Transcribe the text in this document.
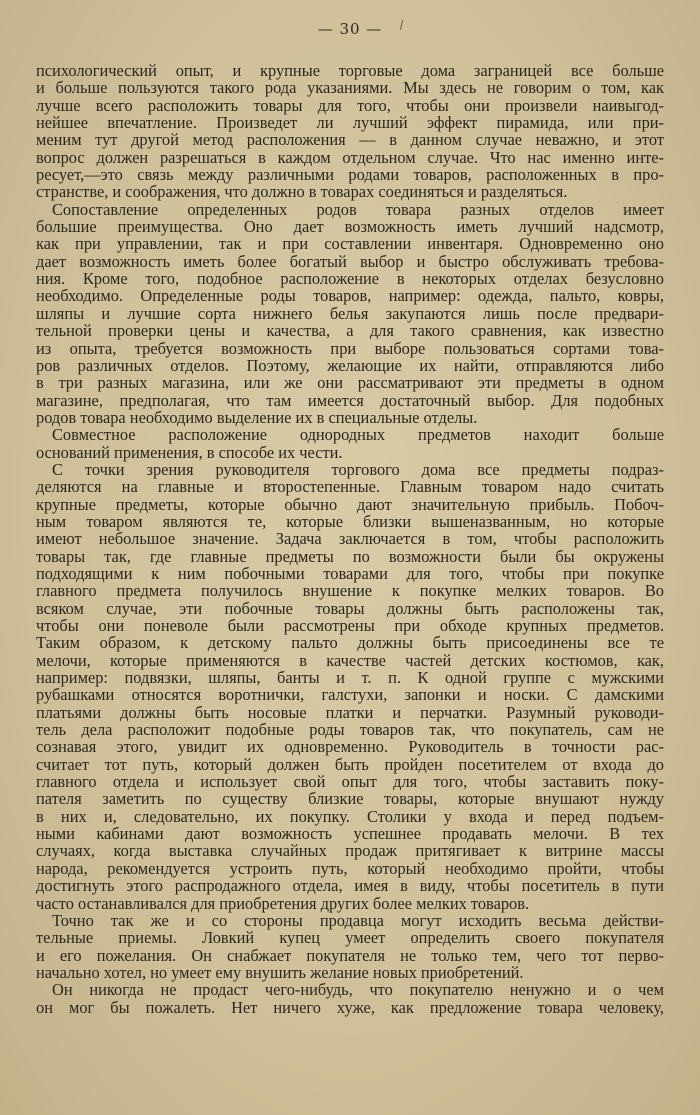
— 30 —
психологический опыт, и крупные торговые дома заграницей все больше
и больше пользуются такого рода указаниями. Мы здесь не говорим о том, как
лучше всего расположить товары для того, чтобы они произвели наивыгод-
нейшее впечатление. Произведет ли лучший эффект пирамида, или при-
меним тут другой метод расположения — в данном случае неважно, и этот
вопрос должен разрешаться в каждом отдельном случае. Что нас именно инте-
ресует,—это связь между различными родами товаров, расположенных в про-
странстве, и соображения, что должно в товарах соединяться и разделяться.
Сопоставление определенных родов товара разных отделов имеет
большие преимущества. Оно дает возможность иметь лучший надсмотр,
как при управлении, так и при составлении инвентаря. Одновременно оно
дает возможность иметь более богатый выбор и быстро обслуживать требова-
ния. Кроме того, подобное расположение в некоторых отделах безусловно
необходимо. Определенные роды товаров, например: одежда, пальто, ковры,
шляпы и лучшие сорта нижнего белья закупаются лишь после предвари-
тельной проверки цены и качества, а для такого сравнения, как известно
из опыта, требуется возможность при выборе пользоваться сортами това-
ров различных отделов. Поэтому, желающие их найти, отправляются либо
в три разных магазина, или же они рассматривают эти предметы в одном
магазине, предполагая, что там имеется достаточный выбор. Для подобных
родов товара необходимо выделение их в специальные отделы.
Совместное расположение однородных предметов находит больше
оснований применения, в способе их чести.
С точки зрения руководителя торгового дома все предметы подраз-
деляются на главные и второстепенные. Главным товаром надо считать
крупные предметы, которые обычно дают значительную прибыль. Побоч-
ным товаром являются те, которые близки вышеназванным, но которые
имеют небольшое значение. Задача заключается в том, чтобы расположить
товары так, где главные предметы по возможности были бы окружены
подходящими к ним побочными товарами для того, чтобы при покупке
главного предмета получилось внушение к покупке мелких товаров. Во
всяком случае, эти побочные товары должны быть расположены так,
чтобы они поневоле были рассмотрены при обходе крупных предметов.
Таким образом, к детскому пальто должны быть присоединены все те
мелочи, которые применяются в качестве частей детских костюмов, как,
например: подвязки, шляпы, банты и т. п. К одной группе с мужскими
рубашками относятся воротнички, галстухи, запонки и носки. С дамскими
платьями должны быть носовые платки и перчатки. Разумный руководи-
тель дела расположит подобные роды товаров так, что покупатель, сам не
сознавая этого, увидит их одновременно. Руководитель в точности рас-
считает тот путь, который должен быть пройден посетителем от входа до
главного отдела и использует свой опыт для того, чтобы заставить поку-
пателя заметить по существу близкие товары, которые внушают нужду
в них и, следовательно, их покупку. Столики у входа и перед подъем-
ными кабинами дают возможность успешнее продавать мелочи. В тех
случаях, когда выставка случайных продаж притягивает к витрине массы
народа, рекомендуется устроить путь, который необходимо пройти, чтобы
достигнуть этого распродажного отдела, имея в виду, чтобы посетитель в пути
часто останавливался для приобретения других более мелких товаров.
Точно так же и со стороны продавца могут исходить весьма действи-
тельные приемы. Ловкий купец умеет определить своего покупателя
и его пожелания. Он снабжает покупателя не только тем, чего тот перво-
начально хотел, но умеет ему внушить желание новых приобретений.
Он никогда не продаст чего-нибудь, что покупателю ненужно и о чем
он мог бы пожалеть. Нет ничего хуже, как предложение товара человеку,
